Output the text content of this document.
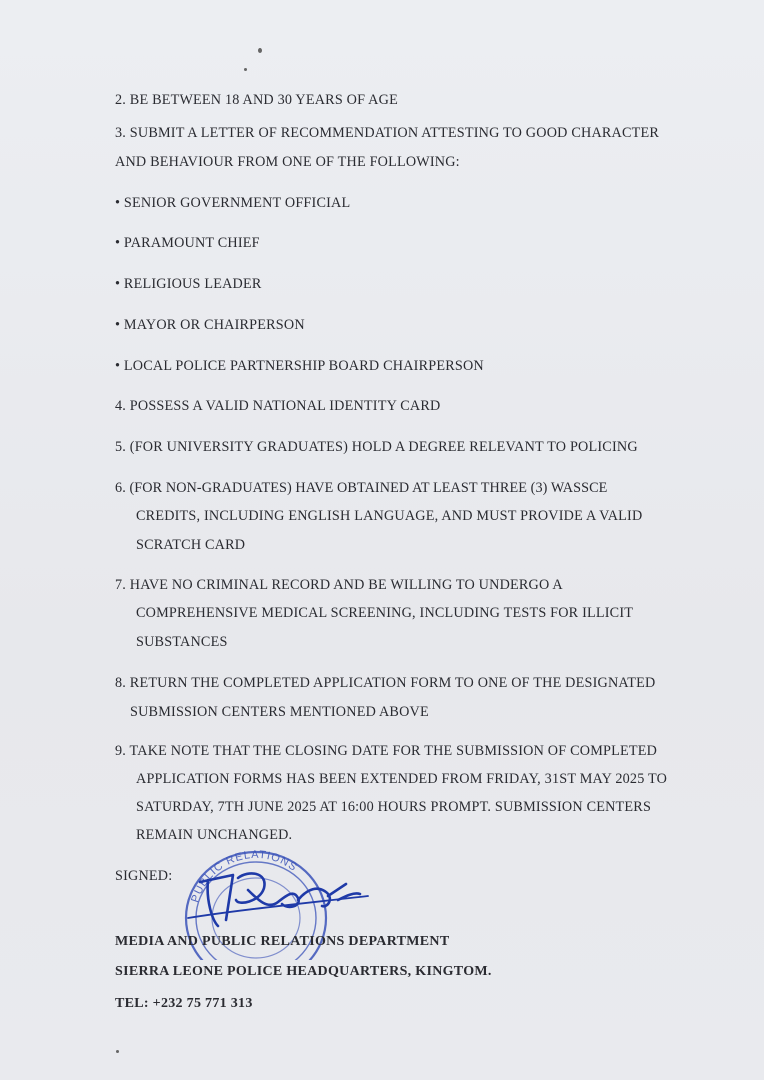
2. BE BETWEEN 18 AND 30 YEARS OF AGE
3. SUBMIT A LETTER OF RECOMMENDATION ATTESTING TO GOOD CHARACTER
AND BEHAVIOUR FROM ONE OF THE FOLLOWING:
• SENIOR GOVERNMENT OFFICIAL
• PARAMOUNT CHIEF
• RELIGIOUS LEADER
• MAYOR OR CHAIRPERSON
• LOCAL POLICE PARTNERSHIP BOARD CHAIRPERSON
4. POSSESS A VALID NATIONAL IDENTITY CARD
5. (FOR UNIVERSITY GRADUATES) HOLD A DEGREE RELEVANT TO POLICING
6. (FOR NON-GRADUATES) HAVE OBTAINED AT LEAST THREE (3) WASSCE
CREDITS, INCLUDING ENGLISH LANGUAGE, AND MUST PROVIDE A VALID
SCRATCH CARD
7. HAVE NO CRIMINAL RECORD AND BE WILLING TO UNDERGO A
COMPREHENSIVE MEDICAL SCREENING, INCLUDING TESTS FOR ILLICIT
SUBSTANCES
8. RETURN THE COMPLETED APPLICATION FORM TO ONE OF THE DESIGNATED
SUBMISSION CENTERS MENTIONED ABOVE
9. TAKE NOTE THAT THE CLOSING DATE FOR THE SUBMISSION OF COMPLETED
APPLICATION FORMS HAS BEEN EXTENDED FROM FRIDAY, 31ST MAY 2025 TO
SATURDAY, 7TH JUNE 2025 AT 16:00 HOURS PROMPT. SUBMISSION CENTERS
REMAIN UNCHANGED.
SIGNED:
PUBLIC RELATIONS
MEDIA AND PUBLIC RELATIONS DEPARTMENT
SIERRA LEONE POLICE HEADQUARTERS, KINGTOM.
TEL: +232 75 771 313
